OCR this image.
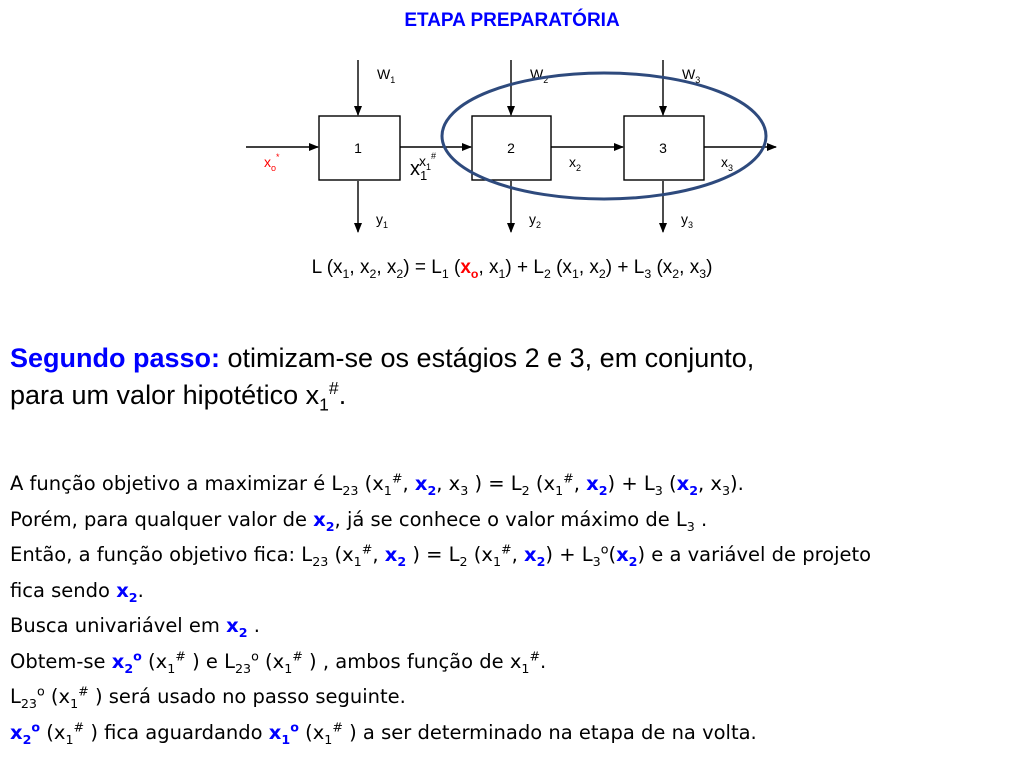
ETAPA PREPARATÓRIA
1	2	3
$W_1$	$W_2$	$W_3$
$y_1$	$y_2$	$y_3$
$x_o^*$
$x_1$
$x_1^{\#}$	$x_2$	$x_3$
L ($x_1$, $x_2$, $x_2) = L_1$ ($x_o$, $x_1) + L_2$ ($x_1$, $x_2) + L_3$ ($x_2$, $x_3$)
Segundo passo: otimizam-se os estágios 2 e 3, em conjunto,
para um valor hipotético $x_1^{\#}$.
A função objetivo a maximizar é $L_{23}$ ($x_1^{\#}$, $x_2$, $x_3$ ) = $L_2$ ($x_1^{\#}$, $x_2) + L_3$ ($x_2$, $x_3$).
Porém, para qualquer valor de $x_2$, já se conhece o valor máximo de $L_3$ .
Então, a função objetivo fica: $L_{23}$ ($x_1^{\#}$, $x_2$ ) = $L_2$ ($x_1^{\#}$, $x_2) + L_3^o(x_2)$ e a variável de projeto
fica sendo $x_2$.
Busca univariável em $x_2$ .
Obtem-se $x_2^o$ ($x_1^{\#}$ ) e $L_{23}^o$ ($x_1^{\#}$ ) , ambos função de $x_1^{\#}$.
$L_{23}^o$ ($x_1^{\#}$ ) será usado no passo seguinte.
$x_2^o$ ($x_1^{\#}$ ) fica aguardando $x_1^o$ ($x_1^{\#}$ ) a ser determinado na etapa de na volta.
